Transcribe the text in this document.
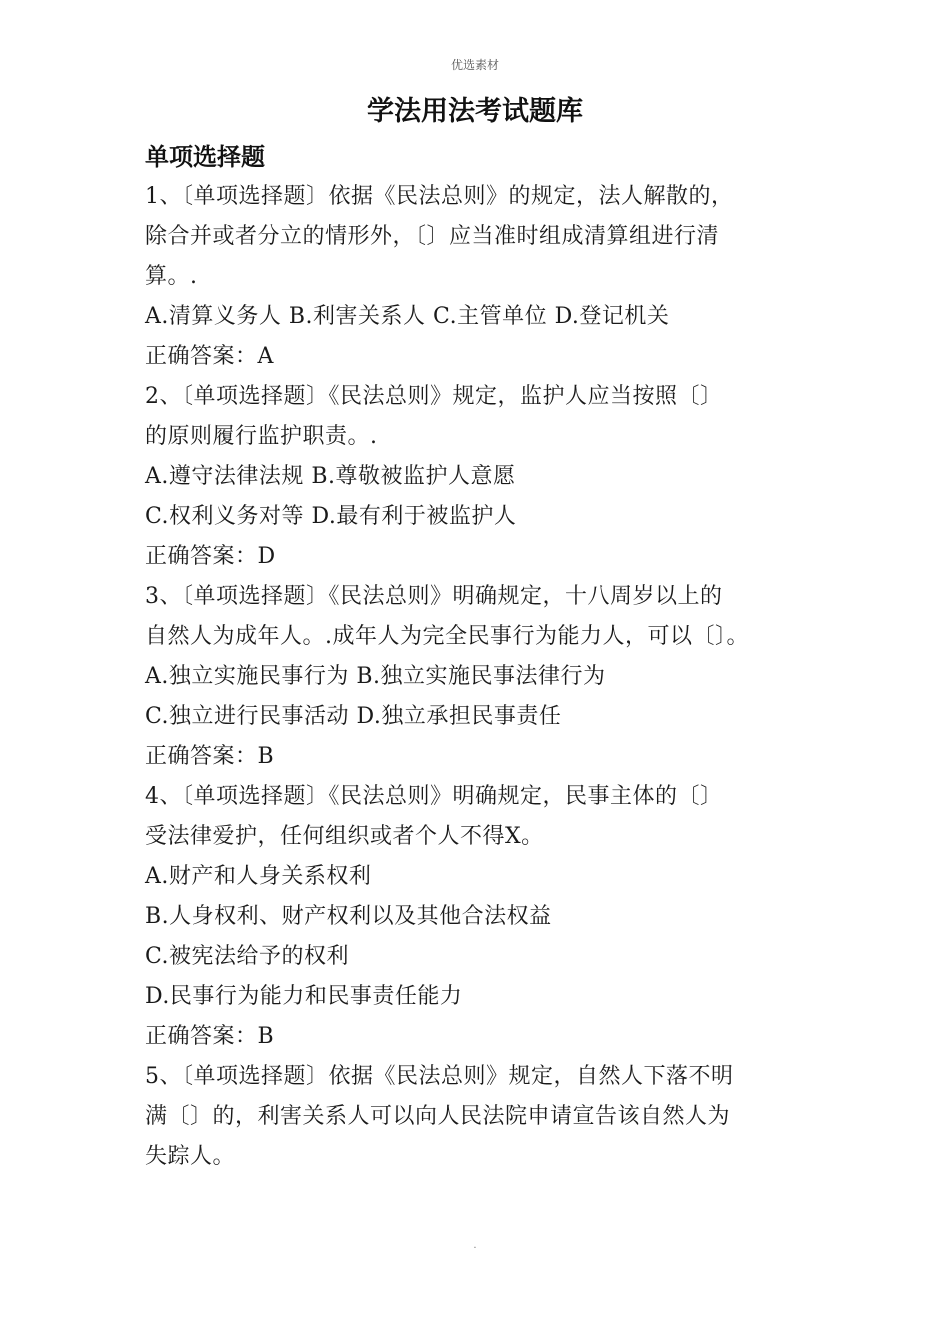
优选素材
学法用法考试题库
单项选择题
1、〔单项选择题〕依据《民法总则》的规定，法人解散的，
除合并或者分立的情形外，〔〕应当准时组成清算组进行清
算。.
A.清算义务人 B.利害关系人 C.主管单位 D.登记机关
正确答案：A
2、〔单项选择题〕《民法总则》规定，监护人应当按照〔〕
的原则履行监护职责。.
A.遵守法律法规 B.尊敬被监护人意愿
C.权利义务对等 D.最有利于被监护人
正确答案：D
3、〔单项选择题〕《民法总则》明确规定，十八周岁以上的
自然人为成年人。.成年人为完全民事行为能力人，可以〔〕。
A.独立实施民事行为 B.独立实施民事法律行为
C.独立进行民事活动 D.独立承担民事责任
正确答案：B
4、〔单项选择题〕《民法总则》明确规定，民事主体的〔〕
受法律爱护，任何组织或者个人不得X。
A.财产和人身关系权利
B.人身权利、财产权利以及其他合法权益
C.被宪法给予的权利
D.民事行为能力和民事责任能力
正确答案：B
5、〔单项选择题〕依据《民法总则》规定，自然人下落不明
满〔〕的，利害关系人可以向人民法院申请宣告该自然人为
失踪人。
.
